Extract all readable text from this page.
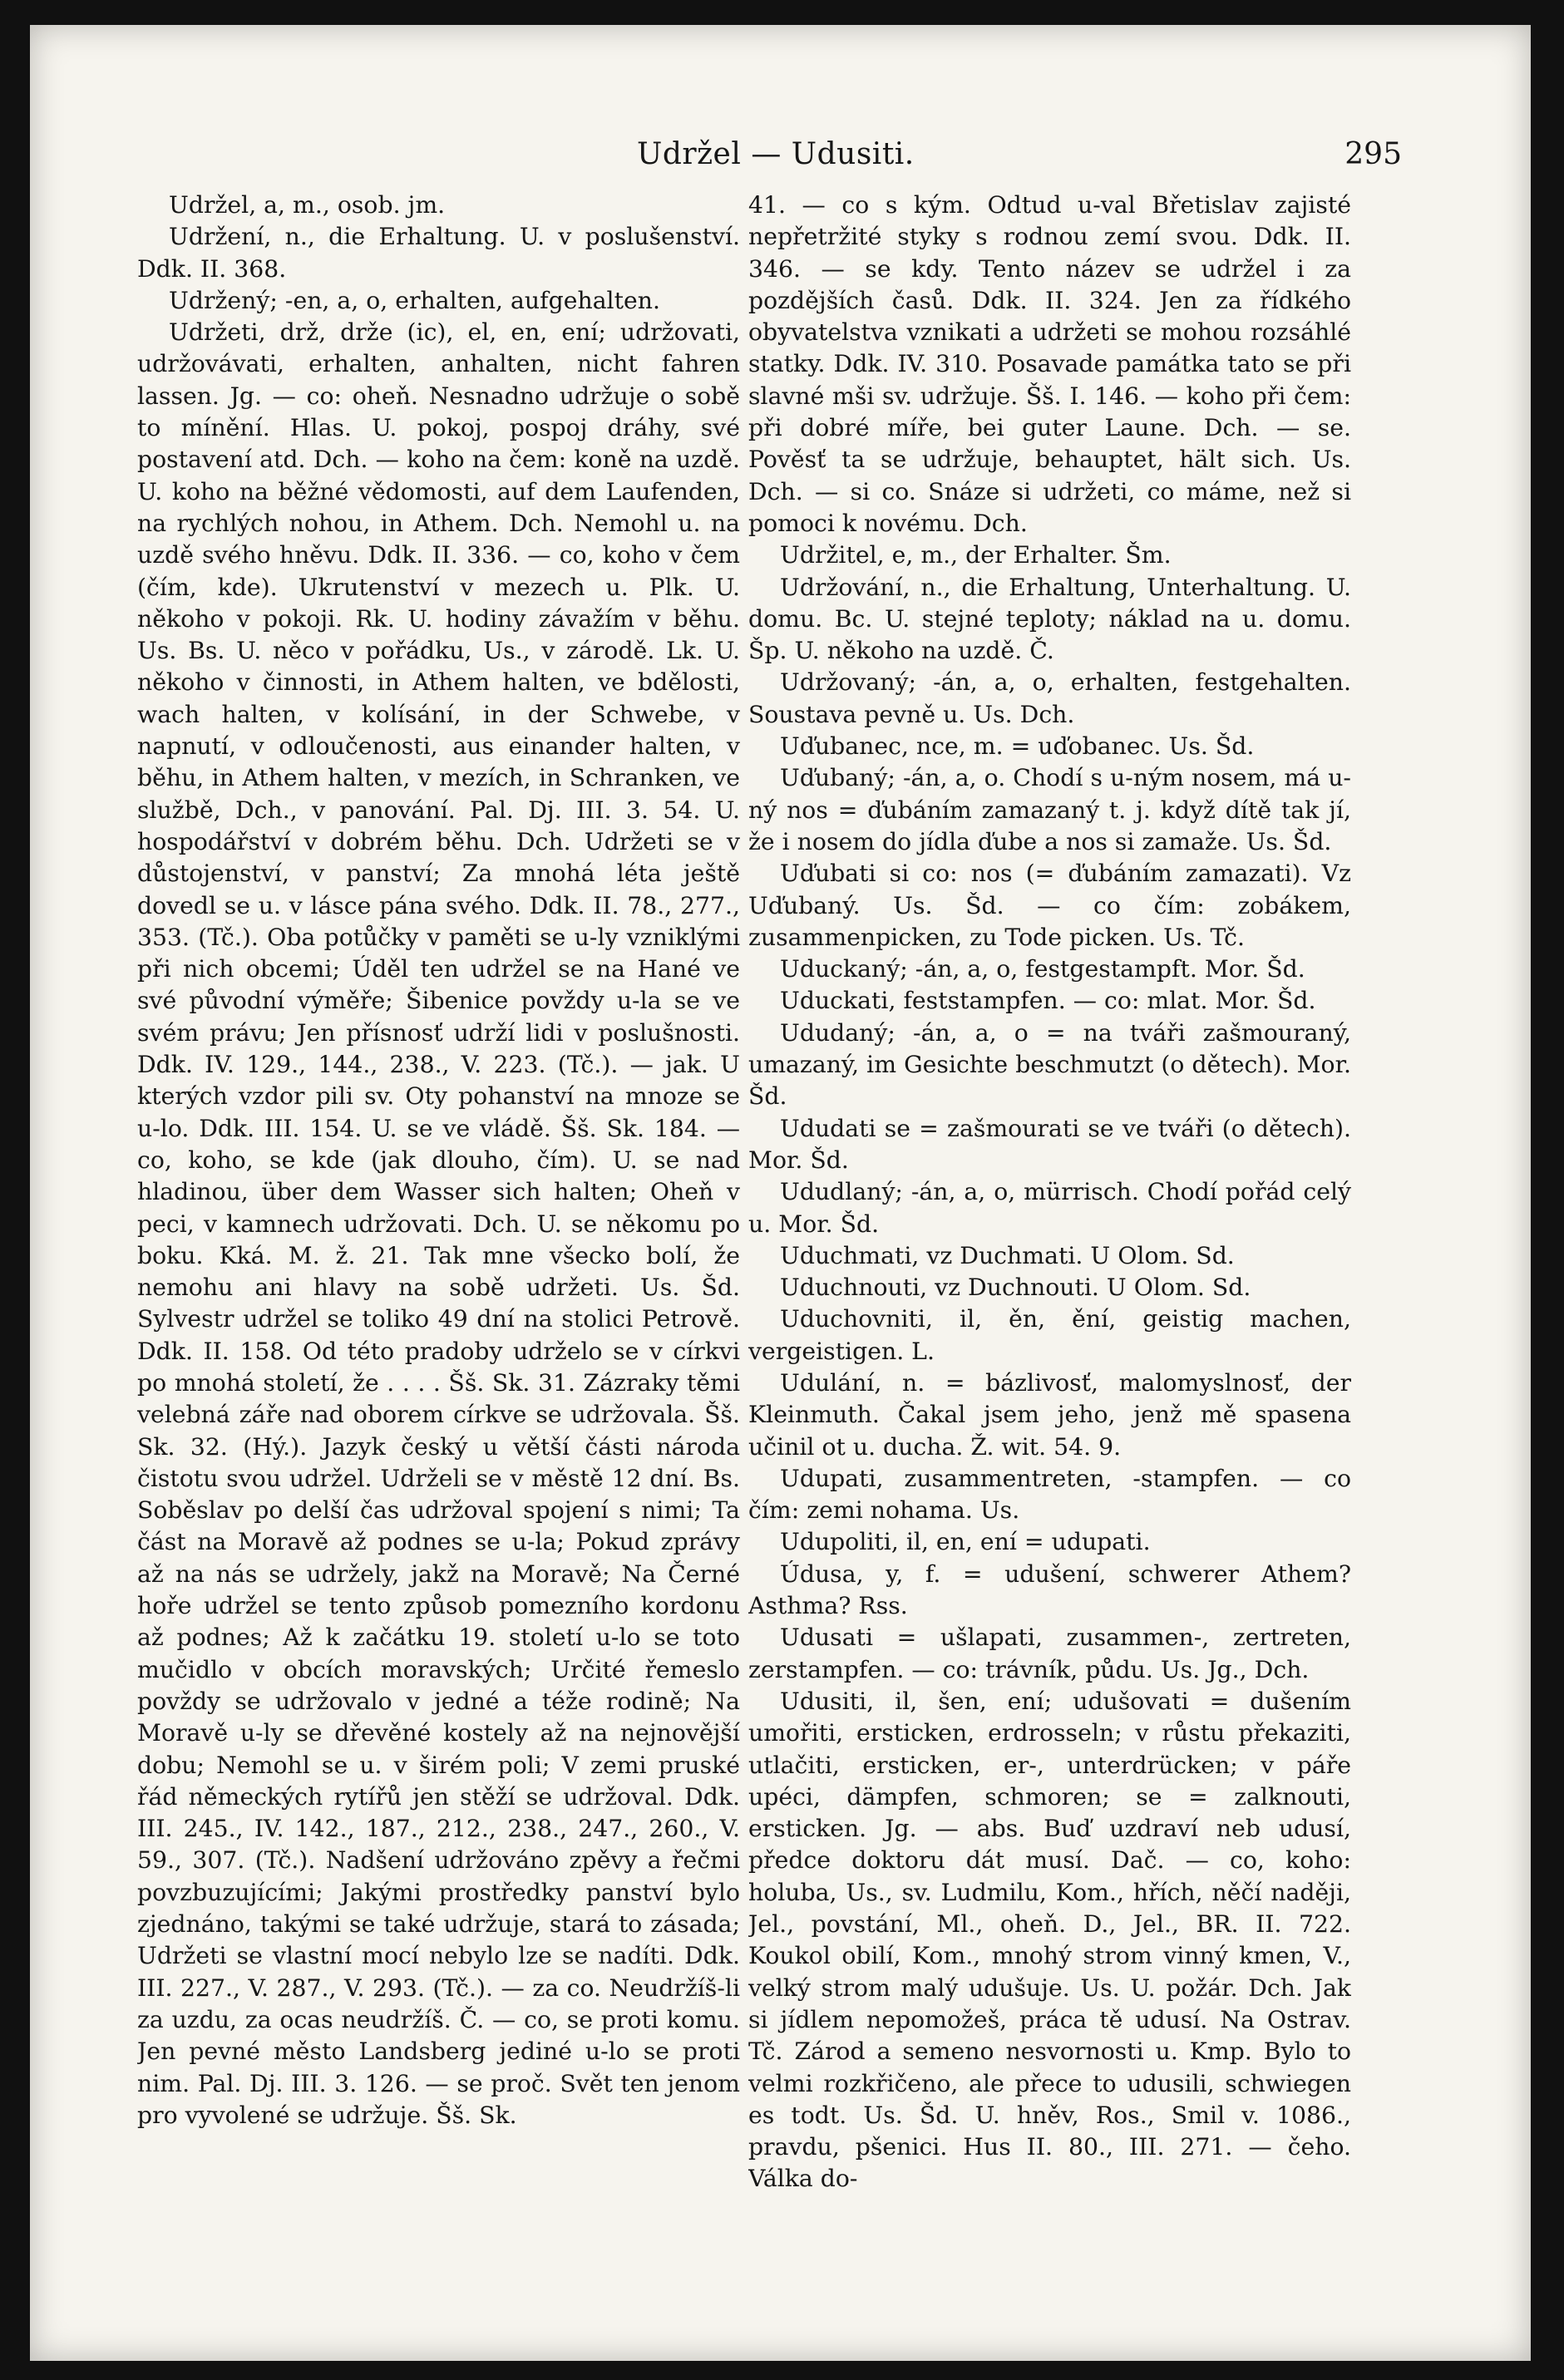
Udržel — Udusiti.	295

Udržel, a, m., osob. jm.

Udržení, n., die Erhaltung. U. v poslušenství. Ddk. II. 368.

Udržený; -en, a, o, erhalten, aufgehalten.

Udržeti, drž, drže (ic), el, en, ení; udržovati, udržovávati, erhalten, anhalten, nicht fahren lassen. Jg. — co: oheň. Nesnadno udržuje o sobě to mínění. Hlas. U. pokoj, pospoj dráhy, své postavení atd. Dch. — koho na čem: koně na uzdě. U. koho na běžné vědomosti, auf dem Laufenden, na rychlých nohou, in Athem. Dch. Nemohl u. na uzdě svého hněvu. Ddk. II. 336. — co, koho v čem (čím, kde). Ukrutenství v mezech u. Plk. U. někoho v pokoji. Rk. U. hodiny závažím v běhu. Us. Bs. U. něco v pořádku, Us., v zárodě. Lk. U. někoho v činnosti, in Athem halten, ve bdělosti, wach halten, v kolísání, in der Schwebe, v napnutí, v odloučenosti, aus einander halten, v běhu, in Athem halten, v mezích, in Schranken, ve službě, Dch., v panování. Pal. Dj. III. 3. 54. U. hospodářství v dobrém běhu. Dch. Udržeti se v důstojenství, v panství; Za mnohá léta ještě dovedl se u. v lásce pána svého. Ddk. II. 78., 277., 353. (Tč.). Oba potůčky v paměti se u-ly vzniklými při nich obcemi; Úděl ten udržel se na Hané ve své původní výměře; Šibenice povždy u-la se ve svém právu; Jen přísnosť udrží lidi v poslušnosti. Ddk. IV. 129., 144., 238., V. 223. (Tč.). — jak. U kterých vzdor pili sv. Oty pohanství na mnoze se u-lo. Ddk. III. 154. U. se ve vládě. Šš. Sk. 184. — co, koho, se kde (jak dlouho, čím). U. se nad hladinou, über dem Wasser sich halten; Oheň v peci, v kamnech udržovati. Dch. U. se někomu po boku. Kká. M. ž. 21. Tak mne všecko bolí, že nemohu ani hlavy na sobě udržeti. Us. Šd. Sylvestr udržel se toliko 49 dní na stolici Petrově. Ddk. II. 158. Od této pradoby udrželo se v církvi po mnohá století, že . . . . Šš. Sk. 31. Zázraky těmi velebná záře nad oborem církve se udržovala. Šš. Sk. 32. (Hý.). Jazyk český u větší části národa čistotu svou udržel. Udrželi se v městě 12 dní. Bs. Soběslav po delší čas udržoval spojení s nimi; Ta část na Moravě až podnes se u-la; Pokud zprávy až na nás se udržely, jakž na Moravě; Na Černé hoře udržel se tento způsob pomezního kordonu až podnes; Až k začátku 19. století u-lo se toto mučidlo v obcích moravských; Určité řemeslo povždy se udržovalo v jedné a téže rodině; Na Moravě u-ly se dřevěné kostely až na nejnovější dobu; Nemohl se u. v širém poli; V zemi pruské řád německých rytířů jen stěží se udržoval. Ddk. III. 245., IV. 142., 187., 212., 238., 247., 260., V. 59., 307. (Tč.). Nadšení udržováno zpěvy a řečmi povzbuzujícími; Jakými prostředky panství bylo zjednáno, takými se také udržuje, stará to zásada; Udržeti se vlastní mocí nebylo lze se nadíti. Ddk. III. 227., V. 287., V. 293. (Tč.). — za co. Neudržíš-li za uzdu, za ocas neudržíš. Č. — co, se proti komu. Jen pevné město Landsberg jediné u-lo se proti nim. Pal. Dj. III. 3. 126. — se proč. Svět ten jenom pro vyvolené se udržuje. Šš. Sk.

41. — co s kým. Odtud u-val Břetislav zajisté nepřetržité styky s rodnou zemí svou. Ddk. II. 346. — se kdy. Tento název se udržel i za pozdějších časů. Ddk. II. 324. Jen za řídkého obyvatelstva vznikati a udržeti se mohou rozsáhlé statky. Ddk. IV. 310. Posavade památka tato se při slavné mši sv. udržuje. Šš. I. 146. — koho při čem: při dobré míře, bei guter Laune. Dch. — se. Pověsť ta se udržuje, behauptet, hält sich. Us. Dch. — si co. Snáze si udržeti, co máme, než si pomoci k novému. Dch.

Udržitel, e, m., der Erhalter. Šm.

Udržování, n., die Erhaltung, Unterhaltung. U. domu. Bc. U. stejné teploty; náklad na u. domu. Šp. U. někoho na uzdě. Č.

Udržovaný; -án, a, o, erhalten, festgehalten. Soustava pevně u. Us. Dch.

Uďubanec, nce, m. = uďobanec. Us. Šd.

Uďubaný; -án, a, o. Chodí s u-ným nosem, má u-ný nos = ďubáním zamazaný t. j. když dítě tak jí, že i nosem do jídla ďube a nos si zamaže. Us. Šd.

Uďubati si co: nos (= ďubáním zamazati). Vz Uďubaný. Us. Šd. — co čím: zobákem, zusammenpicken, zu Tode picken. Us. Tč.

Uduckaný; -án, a, o, festgestampft. Mor. Šd.

Uduckati, feststampfen. — co: mlat. Mor. Šd.

Ududaný; -án, a, o = na tváři zašmouraný, umazaný, im Gesichte beschmutzt (o dětech). Mor. Šd.

Ududati se = zašmourati se ve tváři (o dětech). Mor. Šd.

Ududlaný; -án, a, o, mürrisch. Chodí pořád celý u. Mor. Šd.

Uduchmati, vz Duchmati. U Olom. Sd.

Uduchnouti, vz Duchnouti. U Olom. Sd.

Uduchovniti, il, ěn, ění, geistig machen, vergeistigen. L.

Udulání, n. = bázlivosť, malomyslnosť, der Kleinmuth. Čakal jsem jeho, jenž mě spasena učinil ot u. ducha. Ž. wit. 54. 9.

Udupati, zusammentreten, -stampfen. — co čím: zemi nohama. Us.

Udupoliti, il, en, ení = udupati.

Údusa, y, f. = udušení, schwerer Athem? Asthma? Rss.

Udusati = ušlapati, zusammen-, zertreten, zerstampfen. — co: trávník, půdu. Us. Jg., Dch.

Udusiti, il, šen, ení; udušovati = dušením umořiti, ersticken, erdrosseln; v růstu překaziti, utlačiti, ersticken, er-, unterdrücken; v páře upéci, dämpfen, schmoren; se = zalknouti, ersticken. Jg. — abs. Buď uzdraví neb udusí, předce doktoru dát musí. Dač. — co, koho: holuba, Us., sv. Ludmilu, Kom., hřích, něčí naději, Jel., povstání, Ml., oheň. D., Jel., BR. II. 722. Koukol obilí, Kom., mnohý strom vinný kmen, V., velký strom malý udušuje. Us. U. požár. Dch. Jak si jídlem nepomožeš, práca tě udusí. Na Ostrav. Tč. Zárod a semeno nesvornosti u. Kmp. Bylo to velmi rozkřičeno, ale přece to udusili, schwiegen es todt. Us. Šd. U. hněv, Ros., Smil v. 1086., pravdu, pšenici. Hus II. 80., III. 271. — čeho. Válka do-
